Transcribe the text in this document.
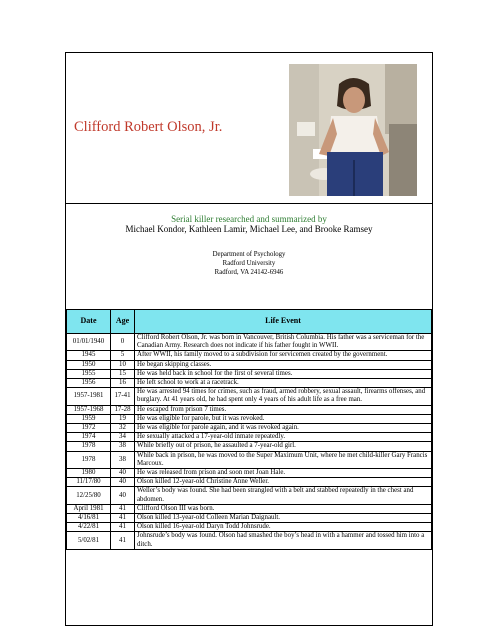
Clifford Robert Olson, Jr.
Serial killer researched and summarized by
Michael Kondor, Kathleen Lamir, Michael Lee, and Brooke Ramsey
Department of Psychology
Radford University
Radford, VA 24142-6946
Date	Age	Life Event
01/01/1940	0	Clifford Robert Olson, Jr. was born in Vancouver, British Columbia. His father was a serviceman for the Canadian Army. Research does not indicate if his father fought in WWII.
1945	5	After WWII, his family moved to a subdivision for servicemen created by the government.
1950	10	He began skipping classes.
1955	15	He was held back in school for the first of several times.
1956	16	He left school to work at a racetrack.
1957-1981	17-41	He was arrested 94 times for crimes, such as fraud, armed robbery, sexual assault, firearms offenses, and burglary. At 41 years old, he had spent only 4 years of his adult life as a free man.
1957-1968	17-28	He escaped from prison 7 times.
1959	19	He was eligible for parole, but it was revoked.
1972	32	He was eligible for parole again, and it was revoked again.
1974	34	He sexually attacked a 17-year-old inmate repeatedly.
1978	38	While briefly out of prison, he assaulted a 7-year-old girl.
1978	38	While back in prison, he was moved to the Super Maximum Unit, where he met child-killer Gary Francis Marcoux.
1980	40	He was released from prison and soon met Joan Hale.
11/17/80	40	Olson killed 12-year-old Christine Anne Weller.
12/25/80	40	Weller’s body was found. She had been strangled with a belt and stabbed repeatedly in the chest and abdomen.
April 1981	41	Clifford Olson III was born.
4/16/81	41	Olson killed 13-year-old Colleen Marian Daignault.
4/22/81	41	Olson killed 16-year-old Daryn Todd Johnsrude.
5/02/81	41	Johnsrude’s body was found. Olson had smashed the boy’s head in with a hammer and tossed him into a ditch.
